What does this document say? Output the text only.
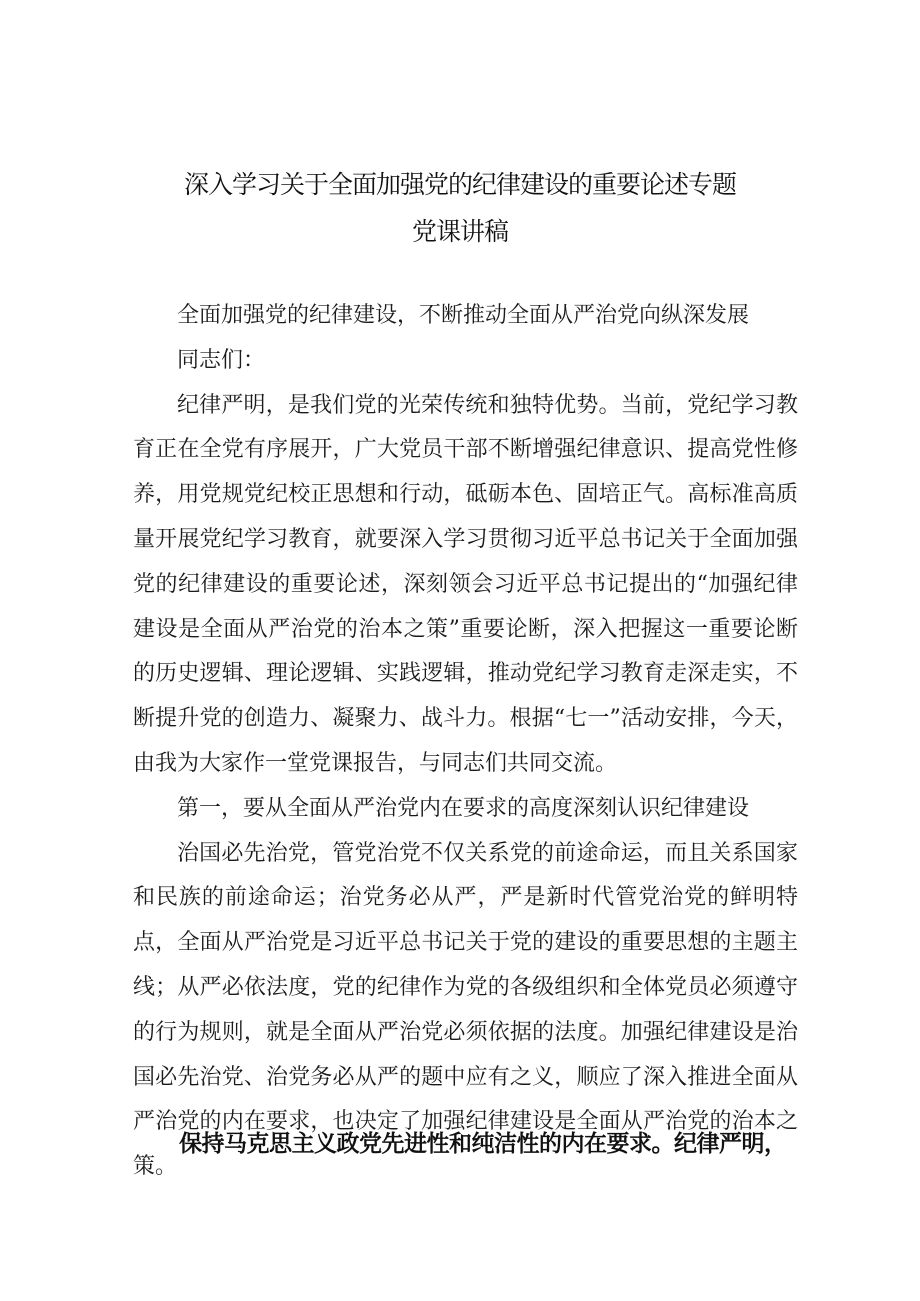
深入学习关于全面加强党的纪律建设的重要论述专题
党课讲稿

全面加强党的纪律建设，不断推动全面从严治党向纵深发展

同志们：

纪律严明，是我们党的光荣传统和独特优势。当前，党纪学习教育正在全党有序展开，广大党员干部不断增强纪律意识、提高党性修养，用党规党纪校正思想和行动，砥砺本色、固培正气。高标准高质量开展党纪学习教育，就要深入学习贯彻习近平总书记关于全面加强党的纪律建设的重要论述，深刻领会习近平总书记提出的“加强纪律建设是全面从严治党的治本之策”重要论断，深入把握这一重要论断的历史逻辑、理论逻辑、实践逻辑，推动党纪学习教育走深走实，不断提升党的创造力、凝聚力、战斗力。根据“七一”活动安排，今天，由我为大家作一堂党课报告，与同志们共同交流。

第一，要从全面从严治党内在要求的高度深刻认识纪律建设

治国必先治党，管党治党不仅关系党的前途命运，而且关系国家和民族的前途命运；治党务必从严，严是新时代管党治党的鲜明特点，全面从严治党是习近平总书记关于党的建设的重要思想的主题主线；从严必依法度，党的纪律作为党的各级组织和全体党员必须遵守的行为规则，就是全面从严治党必须依据的法度。加强纪律建设是治国必先治党、治党务必从严的题中应有之义，顺应了深入推进全面从严治党的内在要求，也决定了加强纪律建设是全面从严治党的治本之策。

保持马克思主义政党先进性和纯洁性的内在要求。纪律严明，
